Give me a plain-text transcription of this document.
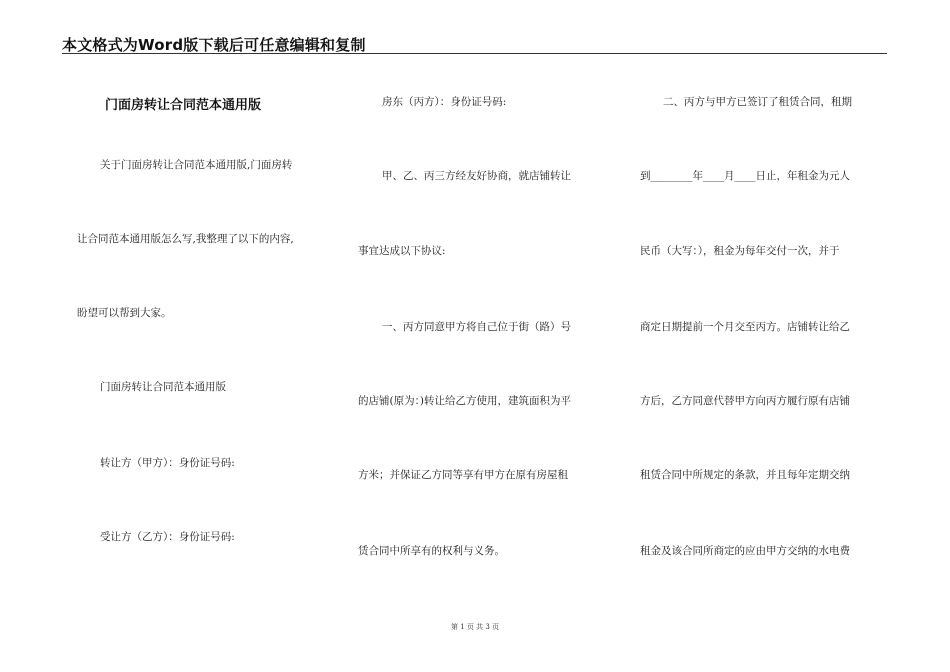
本文格式为Word版下载后可任意编辑和复制
门面房转让合同范本通用版
关于门面房转让合同范本通用版,门面房转
让合同范本通用版怎么写,我整理了以下的内容,
盼望可以帮到大家。
门面房转让合同范本通用版
转让方（甲方）：身份证号码:
受让方（乙方）：身份证号码:
房东（丙方）：身份证号码:
甲、乙、丙三方经友好协商，就店铺转让
事宜达成以下协议:
一、丙方同意甲方将自己位于街（路）号
的店铺(原为：)转让给乙方使用，建筑面积为平
方米；并保证乙方同等享有甲方在原有房屋租
赁合同中所享有的权利与义务。
二、丙方与甲方已签订了租赁合同，租期
到________年____月____日止，年租金为元人
民币（大写：），租金为每年交付一次，并于
商定日期提前一个月交至丙方。店铺转让给乙
方后，乙方同意代替甲方向丙方履行原有店铺
租赁合同中所规定的条款，并且每年定期交纳
租金及该合同所商定的应由甲方交纳的水电费
第 1 页 共 3 页
